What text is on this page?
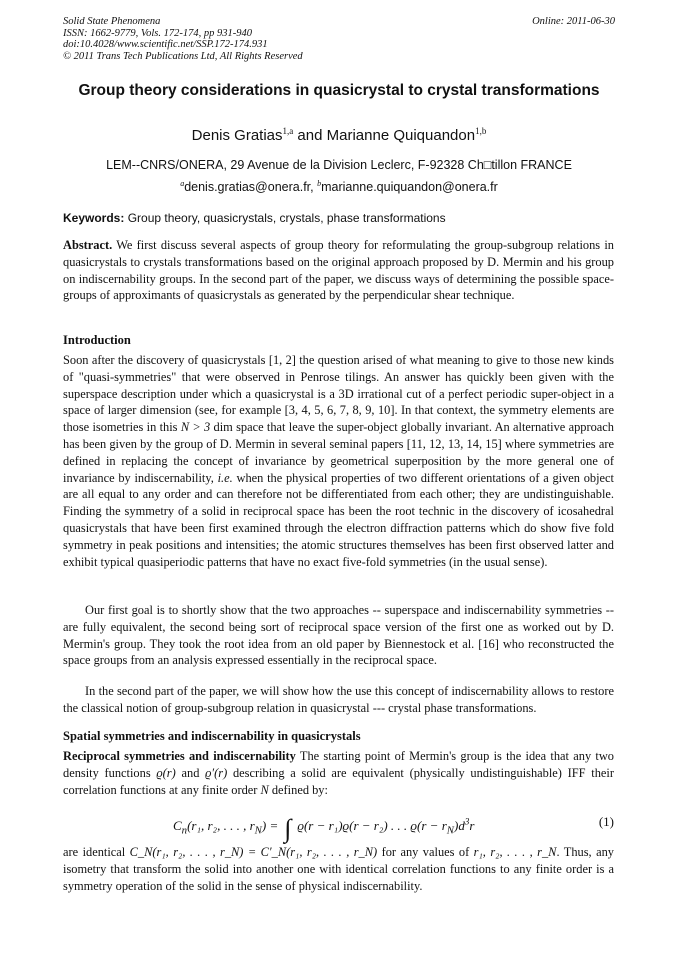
Solid State Phenomena
ISSN: 1662-9779, Vols. 172-174, pp 931-940
doi:10.4028/www.scientific.net/SSP.172-174.931
© 2011 Trans Tech Publications Ltd, All Rights Reserved
Online: 2011-06-30
Group theory considerations in quasicrystal to crystal transformations
Denis Gratias$^{1,a}$ and Marianne Quiquandon$^{1,b}$
LEM--CNRS/ONERA, 29 Avenue de la Division Leclerc, F-92328 Ch□tillon FRANCE
$^a$denis.gratias@onera.fr, $^b$marianne.quiquandon@onera.fr
Keywords: Group theory, quasicrystals, crystals, phase transformations
Abstract. We first discuss several aspects of group theory for reformulating the group-subgroup relations in quasicrystals to crystals transformations based on the original approach proposed by D. Mermin and his group on indiscernability groups. In the second part of the paper, we discuss ways of determining the possible space-groups of approximants of quasicrystals as generated by the perpendicular shear technique.
Introduction
Soon after the discovery of quasicrystals [1, 2] the question arised of what meaning to give to those new kinds of "quasi-symmetries" that were observed in Penrose tilings. An answer has quickly been given with the superspace description under which a quasicrystal is a 3D irrational cut of a perfect periodic super-object in a space of larger dimension (see, for example [3, 4, 5, 6, 7, 8, 9, 10]. In that context, the symmetry elements are those isometries in this N > 3 dim space that leave the super-object globally invariant. An alternative approach has been given by the group of D. Mermin in several seminal papers [11, 12, 13, 14, 15] where symmetries are defined in replacing the concept of invariance by geometrical superposition by the more general one of invariance by indiscernability, i.e. when the physical properties of two different orientations of a given object are all equal to any order and can therefore not be differentiated from each other; they are undistinguishable. Finding the symmetry of a solid in reciprocal space has been the root technic in the discovery of icosahedral quasicrystals that have been first examined through the electron diffraction patterns which do show five fold symmetry in peak positions and intensities; the atomic structures themselves has been first observed latter and exhibit typical quasiperiodic patterns that have no exact five-fold symmetries (in the usual sense).
Our first goal is to shortly show that the two approaches -- superspace and indiscernability symmetries -- are fully equivalent, the second being sort of reciprocal space version of the first one as worked out by D. Mermin's group. They took the root idea from an old paper by Biennestock et al. [16] who reconstructed the space groups from an analysis expressed essentially in the reciprocal space.
In the second part of the paper, we will show how the use this concept of indiscernability allows to restore the classical notion of group-subgroup relation in quasicrystal --- crystal phase transformations.
Spatial symmetries and indiscernability in quasicrystals
Reciprocal symmetries and indiscernability The starting point of Mermin's group is the idea that any two density functions ϱ(r) and ϱ′(r) describing a solid are equivalent (physically undistinguishable) IFF their correlation functions at any finite order N defined by:
$C_n(r_1$, r₂, . . . , $r_N$) = ∫ ϱ(r − r₁)ϱ(r − r₂) . . . $ϱ(r - r_N)d^3r$	(1)
are identical C_N(r₁, r₂, . . . , r_N) = C′_N(r₁, r₂, . . . , r_N) for any values of r₁, r₂, . . . , r_N. Thus, any isometry that transform the solid into another one with identical correlation functions to any finite order is a symmetry operation of the solid in the sense of physical indiscernability.
